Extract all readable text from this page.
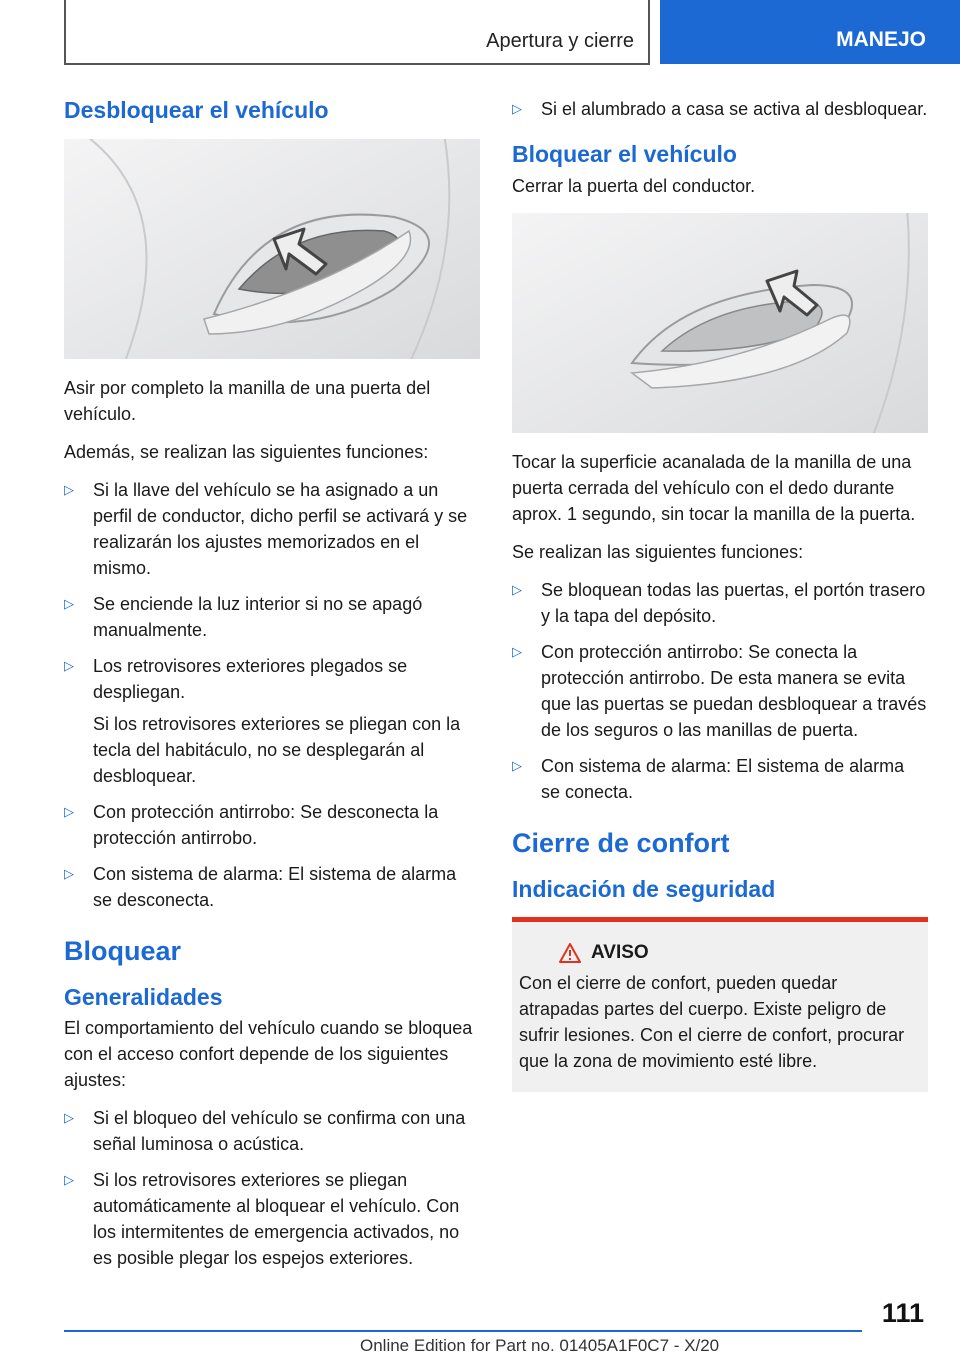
Apertura y cierre	MANEJO
Desbloquear el vehículo

Asir por completo la manilla de una puerta del vehículo.

Además, se realizan las siguientes funciones:

▷ Si la llave del vehículo se ha asignado a un perfil de conductor, dicho perfil se activará y se realizarán los ajustes memorizados en el mismo.
▷ Se enciende la luz interior si no se apagó manualmente.
▷ Los retrovisores exteriores plegados se despliegan.
Si los retrovisores exteriores se pliegan con la tecla del habitáculo, no se desplegarán al desbloquear.
▷ Con protección antirrobo: Se desconecta la protección antirrobo.
▷ Con sistema de alarma: El sistema de alarma se desconecta.
Bloquear
Generalidades

El comportamiento del vehículo cuando se bloquea con el acceso confort depende de los siguientes ajustes:

▷ Si el bloqueo del vehículo se confirma con una señal luminosa o acústica.
▷ Si los retrovisores exteriores se pliegan automáticamente al bloquear el vehículo. Con los intermitentes de emergencia activados, no es posible plegar los espejos exteriores.
▷ Si el alumbrado a casa se activa al desbloquear.
Bloquear el vehículo

Cerrar la puerta del conductor.

Tocar la superficie acanalada de la manilla de una puerta cerrada del vehículo con el dedo durante aprox. 1 segundo, sin tocar la manilla de la puerta.

Se realizan las siguientes funciones:

▷ Se bloquean todas las puertas, el portón trasero y la tapa del depósito.
▷ Con protección antirrobo: Se conecta la protección antirrobo. De esta manera se evita que las puertas se puedan desbloquear a través de los seguros o las manillas de puerta.
▷ Con sistema de alarma: El sistema de alarma se conecta.
Cierre de confort
Indicación de seguridad
AVISO

Con el cierre de confort, pueden quedar atrapadas partes del cuerpo. Existe peligro de sufrir lesiones. Con el cierre de confort, procurar que la zona de movimiento esté libre.

111
Online Edition for Part no. 01405A1F0C7 - X/20
